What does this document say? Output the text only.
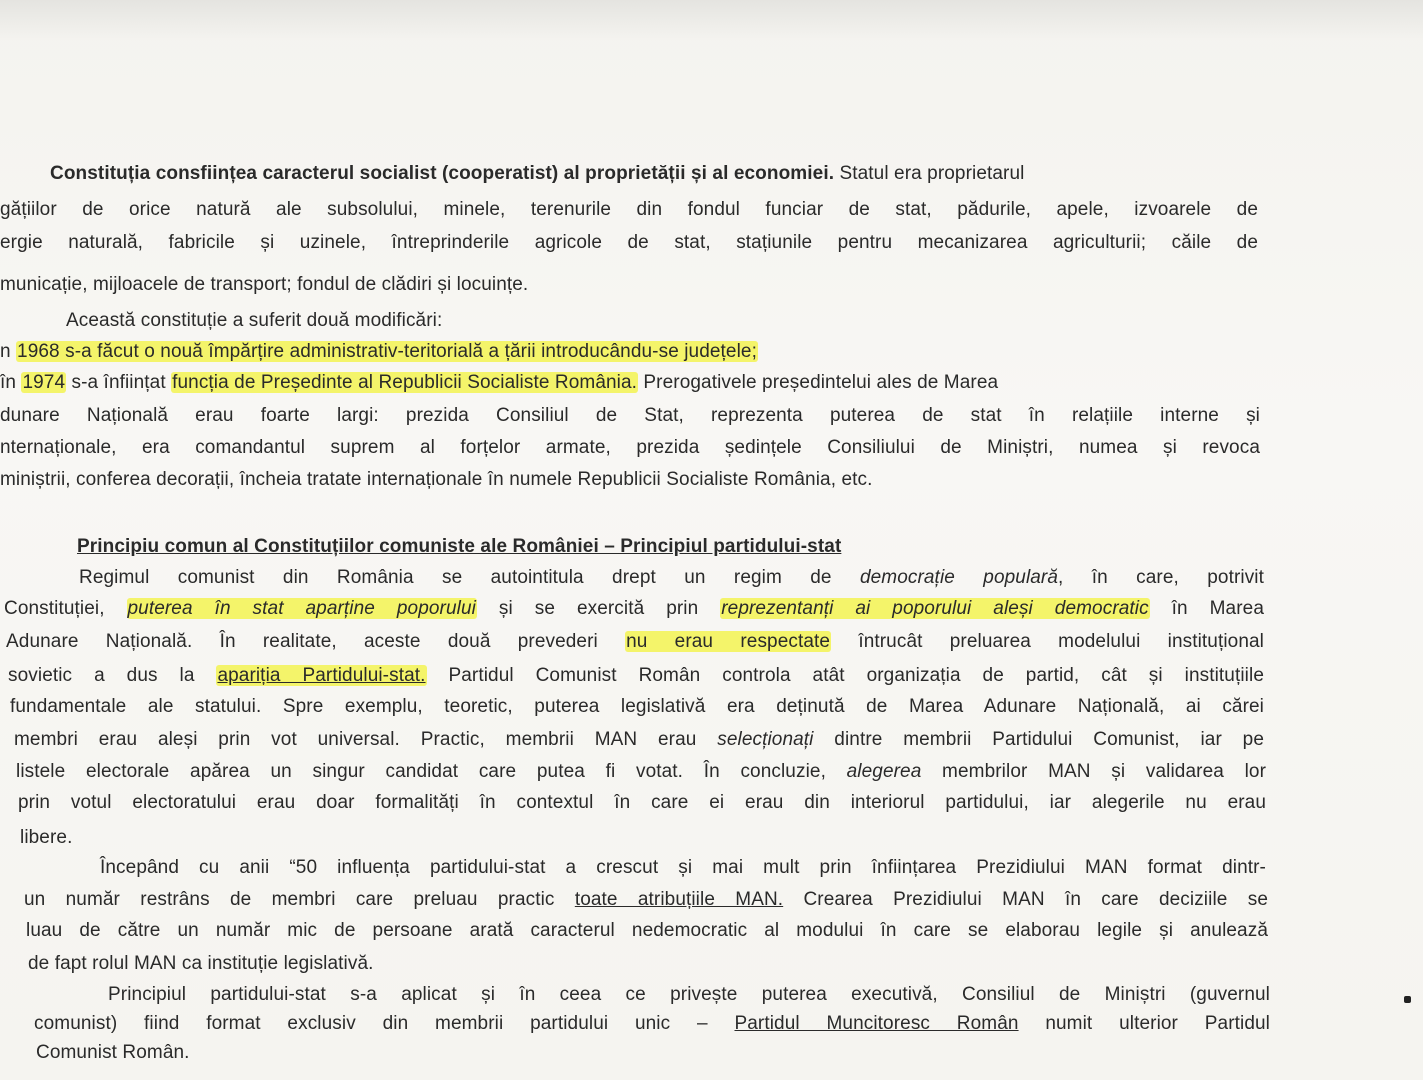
Constituția consființea caracterul socialist (cooperatist) al proprietății și al economiei. Statul era proprietarul
gățiilor de orice natură ale subsolului, minele, terenurile din fondul funciar de stat, pădurile, apele, izvoarele de
ergie naturală, fabricile și uzinele, întreprinderile agricole de stat, stațiunile pentru mecanizarea agriculturii; căile de
municație, mijloacele de transport; fondul de clădiri și locuințe.
Această constituție a suferit două modificări:
n 1968 s-a făcut o nouă împărțire administrativ-teritorială a țării introducându-se județele;
în 1974 s-a înființat funcția de Președinte al Republicii Socialiste România. Prerogativele președintelui ales de Marea
dunare Națională erau foarte largi: prezida Consiliul de Stat, reprezenta puterea de stat în relațiile interne și
nternaționale, era comandantul suprem al forțelor armate, prezida ședințele Consiliului de Miniștri, numea și revoca
miniștrii, conferea decorații, încheia tratate internaționale în numele Republicii Socialiste România, etc.
Principiu comun al Constituțiilor comuniste ale României – Principiul partidului-stat
Regimul comunist din România se autointitula drept un regim de democrație populară, în care, potrivit
Constituției, puterea în stat aparține poporului și se exercită prin reprezentanți ai poporului aleși democratic în Marea
Adunare Națională. În realitate, aceste două prevederi nu erau respectate întrucât preluarea modelului instituțional
sovietic a dus la apariția Partidului-stat. Partidul Comunist Român controla atât organizația de partid, cât și instituțiile
fundamentale ale statului. Spre exemplu, teoretic, puterea legislativă era deținută de Marea Adunare Națională, ai cărei
membri erau aleși prin vot universal. Practic, membrii MAN erau selecționați dintre membrii Partidului Comunist, iar pe
listele electorale apărea un singur candidat care putea fi votat. În concluzie, alegerea membrilor MAN și validarea lor
prin votul electoratului erau doar formalități în contextul în care ei erau din interiorul partidului, iar alegerile nu erau
libere.
Începând cu anii “50 influența partidului-stat a crescut și mai mult prin înființarea Prezidiului MAN format dintr-
un număr restrâns de membri care preluau practic toate atribuțiile MAN. Crearea Prezidiului MAN în care deciziile se
luau de către un număr mic de persoane arată caracterul nedemocratic al modului în care se elaborau legile și anulează
de fapt rolul MAN ca instituție legislativă.
Principiul partidului-stat s-a aplicat și în ceea ce privește puterea executivă, Consiliul de Miniștri (guvernul
comunist) fiind format exclusiv din membrii partidului unic – Partidul Muncitoresc Român numit ulterior Partidul
Comunist Român.
